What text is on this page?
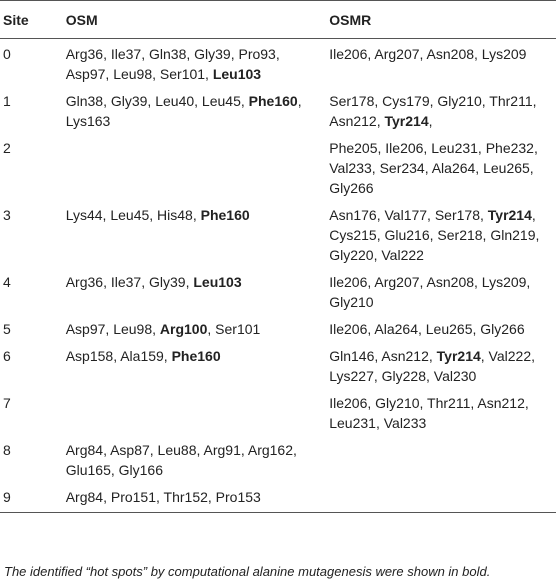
Site	OSM	OSMR
0	Arg36, Ile37, Gln38, Gly39, Pro93, Asp97, Leu98, Ser101, Leu103	Ile206, Arg207, Asn208, Lys209
1	Gln38, Gly39, Leu40, Leu45, Phe160, Lys163	Ser178, Cys179, Gly210, Thr211, Asn212, Tyr214,
2		Phe205, Ile206, Leu231, Phe232, Val233, Ser234, Ala264, Leu265, Gly266
3	Lys44, Leu45, His48, Phe160	Asn176, Val177, Ser178, Tyr214, Cys215, Glu216, Ser218, Gln219, Gly220, Val222
4	Arg36, Ile37, Gly39, Leu103	Ile206, Arg207, Asn208, Lys209, Gly210
5	Asp97, Leu98, Arg100, Ser101	Ile206, Ala264, Leu265, Gly266
6	Asp158, Ala159, Phe160	Gln146, Asn212, Tyr214, Val222, Lys227, Gly228, Val230
7		Ile206, Gly210, Thr211, Asn212, Leu231, Val233
8	Arg84, Asp87, Leu88, Arg91, Arg162, Glu165, Gly166	
9	Arg84, Pro151, Thr152, Pro153	
The identified “hot spots” by computational alanine mutagenesis were shown in bold.
